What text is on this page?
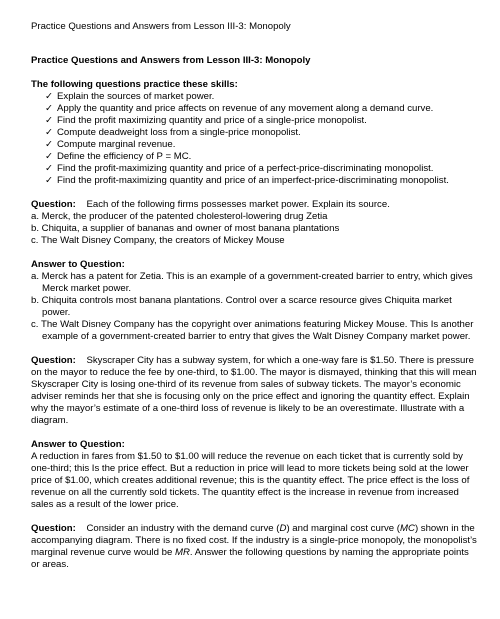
Practice Questions and Answers from Lesson III-3: Monopoly
Practice Questions and Answers from Lesson III-3: Monopoly
The following questions practice these skills:
✓ Explain the sources of market power.
✓ Apply the quantity and price affects on revenue of any movement along a demand curve.
✓ Find the profit maximizing quantity and price of a single-price monopolist.
✓ Compute deadweight loss from a single-price monopolist.
✓ Compute marginal revenue.
✓ Define the efficiency of P = MC.
✓ Find the profit-maximizing quantity and price of a perfect-price-discriminating monopolist.
✓ Find the profit-maximizing quantity and price of an imperfect-price-discriminating monopolist.
Question: Each of the following firms possesses market power. Explain its source.
a. Merck, the producer of the patented cholesterol-lowering drug Zetia
b. Chiquita, a supplier of bananas and owner of most banana plantations
c. The Walt Disney Company, the creators of Mickey Mouse
Answer to Question:
a. Merck has a patent for Zetia. This is an example of a government-created barrier to entry, which gives Merck market power.
b. Chiquita controls most banana plantations. Control over a scarce resource gives Chiquita market power.
c. The Walt Disney Company has the copyright over animations featuring Mickey Mouse. This Is another example of a government-created barrier to entry that gives the Walt Disney Company market power.
Question: Skyscraper City has a subway system, for which a one-way fare is $1.50. There is pressure on the mayor to reduce the fee by one-third, to $1.00. The mayor is dismayed, thinking that this will mean Skyscraper City is losing one-third of its revenue from sales of subway tickets. The mayor’s economic adviser reminds her that she is focusing only on the price effect and ignoring the quantity effect. Explain why the mayor’s estimate of a one-third loss of revenue is likely to be an overestimate. Illustrate with a diagram.
Answer to Question:
A reduction in fares from $1.50 to $1.00 will reduce the revenue on each ticket that is currently sold by one-third; this Is the price effect. But a reduction in price will lead to more tickets being sold at the lower price of $1.00, which creates additional revenue; this is the quantity effect. The price effect is the loss of revenue on all the currently sold tickets. The quantity effect is the increase in revenue from increased sales as a result of the lower price.
Question: Consider an industry with the demand curve (D) and marginal cost curve (MC) shown in the accompanying diagram. There is no fixed cost. If the industry is a single-price monopoly, the monopolist’s marginal revenue curve would be MR. Answer the following questions by naming the appropriate points or areas.
